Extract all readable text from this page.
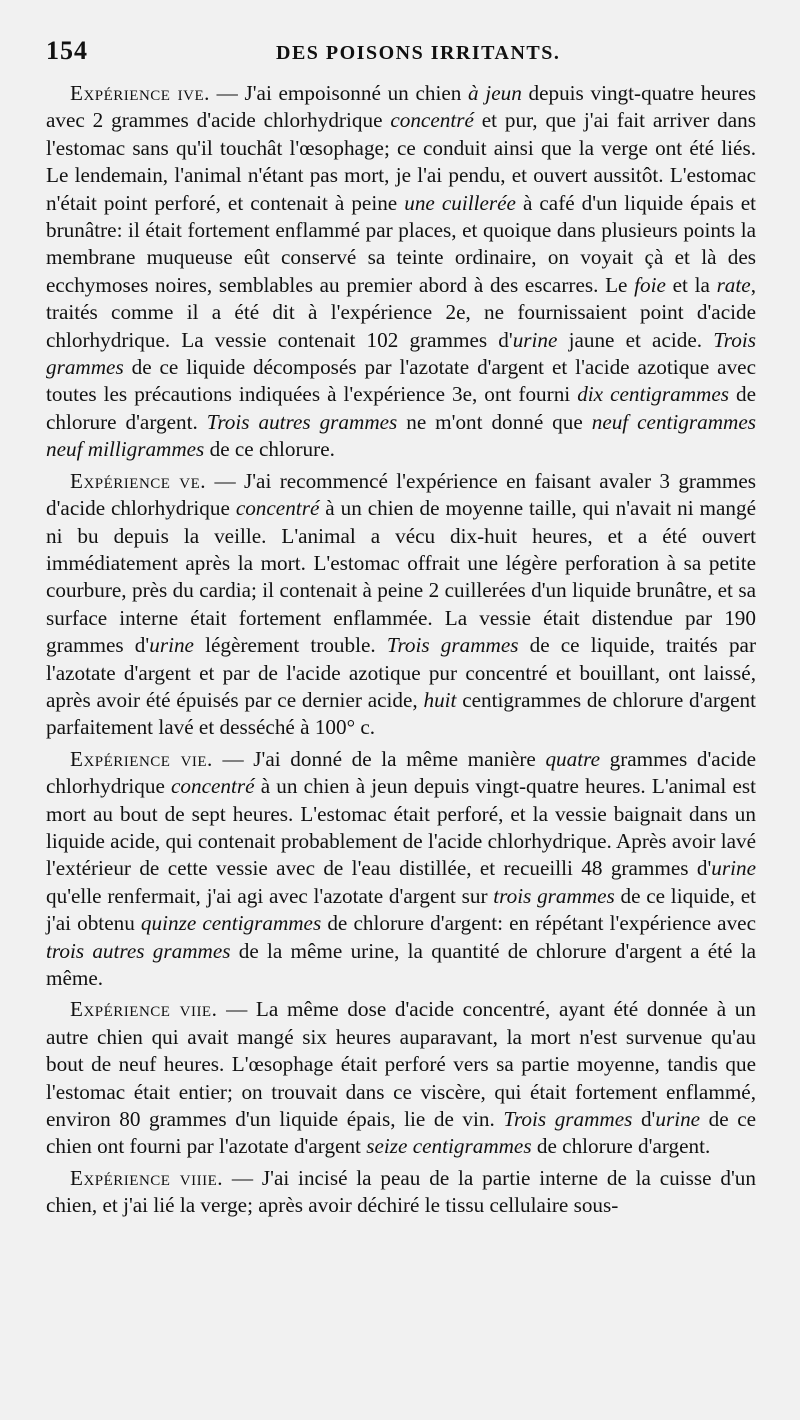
154	DES POISONS IRRITANTS.

Expérience ive. — J'ai empoisonné un chien à jeun depuis vingt-quatre heures avec 2 grammes d'acide chlorhydrique concentré et pur, que j'ai fait arriver dans l'estomac sans qu'il touchât l'œsophage; ce conduit ainsi que la verge ont été liés. Le lendemain, l'animal n'étant pas mort, je l'ai pendu, et ouvert aussitôt. L'estomac n'était point perforé, et contenait à peine une cuillerée à café d'un liquide épais et brunâtre: il était fortement enflammé par places, et quoique dans plusieurs points la membrane muqueuse eût conservé sa teinte ordinaire, on voyait çà et là des ecchymoses noires, semblables au premier abord à des escarres. Le foie et la rate, traités comme il a été dit à l'expérience 2e, ne fournissaient point d'acide chlorhydrique. La vessie contenait 102 grammes d'urine jaune et acide. Trois grammes de ce liquide décomposés par l'azotate d'argent et l'acide azotique avec toutes les précautions indiquées à l'expérience 3e, ont fourni dix centigrammes de chlorure d'argent. Trois autres grammes ne m'ont donné que neuf centigrammes neuf milligrammes de ce chlorure.

Expérience ve. — J'ai recommencé l'expérience en faisant avaler 3 grammes d'acide chlorhydrique concentré à un chien de moyenne taille, qui n'avait ni mangé ni bu depuis la veille. L'animal a vécu dix-huit heures, et a été ouvert immédiatement après la mort. L'estomac offrait une légère perforation à sa petite courbure, près du cardia; il contenait à peine 2 cuillerées d'un liquide brunâtre, et sa surface interne était fortement enflammée. La vessie était distendue par 190 grammes d'urine légèrement trouble. Trois grammes de ce liquide, traités par l'azotate d'argent et par de l'acide azotique pur concentré et bouillant, ont laissé, après avoir été épuisés par ce dernier acide, huit centigrammes de chlorure d'argent parfaitement lavé et desséché à 100° c.

Expérience vie. — J'ai donné de la même manière quatre grammes d'acide chlorhydrique concentré à un chien à jeun depuis vingt-quatre heures. L'animal est mort au bout de sept heures. L'estomac était perforé, et la vessie baignait dans un liquide acide, qui contenait probablement de l'acide chlorhydrique. Après avoir lavé l'extérieur de cette vessie avec de l'eau distillée, et recueilli 48 grammes d'urine qu'elle renfermait, j'ai agi avec l'azotate d'argent sur trois grammes de ce liquide, et j'ai obtenu quinze centigrammes de chlorure d'argent: en répétant l'expérience avec trois autres grammes de la même urine, la quantité de chlorure d'argent a été la même.

Expérience viie. — La même dose d'acide concentré, ayant été donnée à un autre chien qui avait mangé six heures auparavant, la mort n'est survenue qu'au bout de neuf heures. L'œsophage était perforé vers sa partie moyenne, tandis que l'estomac était entier; on trouvait dans ce viscère, qui était fortement enflammé, environ 80 grammes d'un liquide épais, lie de vin. Trois grammes d'urine de ce chien ont fourni par l'azotate d'argent seize centigrammes de chlorure d'argent.

Expérience viiie. — J'ai incisé la peau de la partie interne de la cuisse d'un chien, et j'ai lié la verge; après avoir déchiré le tissu cellulaire sous-
